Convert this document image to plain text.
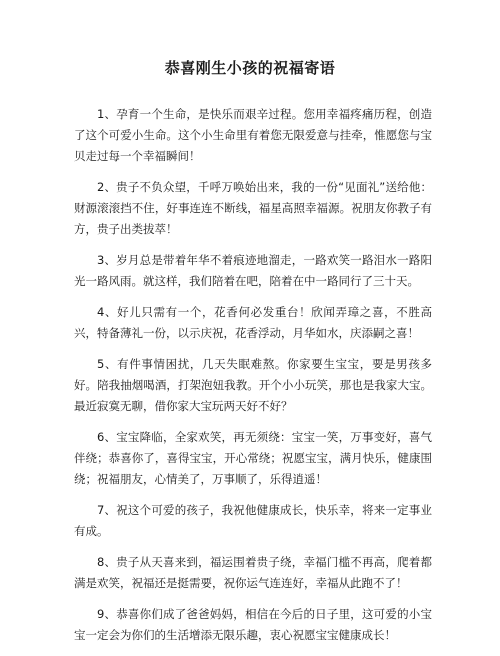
恭喜刚生小孩的祝福寄语

1、孕育一个生命，是快乐而艰辛过程。您用幸福疼痛历程，创造了这个可爱小生命。这个小生命里有着您无限爱意与挂牵，惟愿您与宝贝走过每一个幸福瞬间！

2、贵子不负众望，千呼万唤始出来，我的一份“见面礼”送给他：财源滚滚挡不住，好事连连不断线，福星高照幸福源。祝朋友你教子有方，贵子出类拔萃！

3、岁月总是带着年华不着痕迹地溜走，一路欢笑一路泪水一路阳光一路风雨。就这样，我们陪着在吧，陪着在中一路同行了三十天。

4、好儿只需有一个，花香何必发重台！欣闻弄璋之喜，不胜高兴，特备薄礼一份，以示庆祝，花香浮动，月华如水，庆添嗣之喜！

5、有件事情困扰，几天失眠难熬。你家要生宝宝，要是男孩多好。陪我抽烟喝酒，打架泡妞我教。开个小小玩笑，那也是我家大宝。最近寂寞无聊，借你家大宝玩两天好不好？

6、宝宝降临，全家欢笑，再无须绕：宝宝一笑，万事变好，喜气伴绕；恭喜你了，喜得宝宝，开心常绕；祝愿宝宝，满月快乐，健康围绕；祝福朋友，心情美了，万事顺了，乐得逍遥！

7、祝这个可爱的孩子，我祝他健康成长，快乐幸，将来一定事业有成。

8、贵子从天喜来到，福运围着贵子绕，幸福门槛不再高，爬着都满是欢笑，祝福还是挺需要，祝你运气连连好，幸福从此跑不了！

9、恭喜你们成了爸爸妈妈，相信在今后的日子里，这可爱的小宝宝一定会为你们的生活增添无限乐趣，衷心祝愿宝宝健康成长！
